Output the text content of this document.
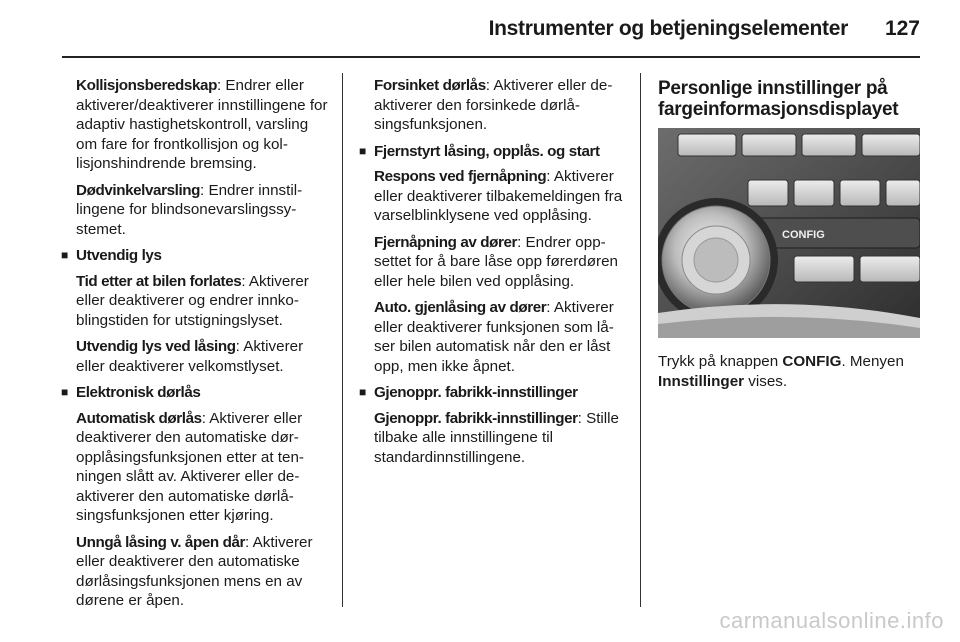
Instrumenter og betjeningselementer 127
Kollisjonsberedskap: Endrer eller aktiverer/deaktiverer innstillingene for adaptiv hastighetskontroll, varsling om fare for frontkollisjon og kollisjonshindrende bremsing.
Dødvinkelvarsling: Endrer innstillingene for blindsonevarslingssystemet.
■ Utvendig lys
Tid etter at bilen forlates: Aktiverer eller deaktiverer og endrer innkoblingstiden for utstigningslyset.
Utvendig lys ved låsing: Aktiverer eller deaktiverer velkomstlyset.
■ Elektronisk dørlås
Automatisk dørlås: Aktiverer eller deaktiverer den automatiske døropplåsingsfunksjonen etter at tenningen slått av. Aktiverer eller deaktiverer den automatiske dørlåsingsfunksjonen etter kjøring.
Unngå låsing v. åpen dår: Aktiverer eller deaktiverer den automatiske dørlåsingsfunksjonen mens en av dørene er åpen.
Forsinket dørlås: Aktiverer eller deaktiverer den forsinkede dørlåsingsfunksjonen.
■ Fjernstyrt låsing, opplås. og start
Respons ved fjernåpning: Aktiverer eller deaktiverer tilbakemeldingen fra varselblinklysene ved opplåsing.
Fjernåpning av dører: Endrer oppsettet for å bare låse opp førerdøren eller hele bilen ved opplåsing.
Auto. gjenlåsing av dører: Aktiverer eller deaktiverer funksjonen som låser bilen automatisk når den er låst opp, men ikke åpnet.
■ Gjenoppr. fabrikk-innstillinger
Gjenoppr. fabrikk-innstillinger: Stille tilbake alle innstillingene til standardinnstillingene.
Personlige innstillinger på fargeinformasjonsdisplayet
CONFIG

Trykk på knappen CONFIG. Menyen Innstillinger vises.

carmanualsonline.info
